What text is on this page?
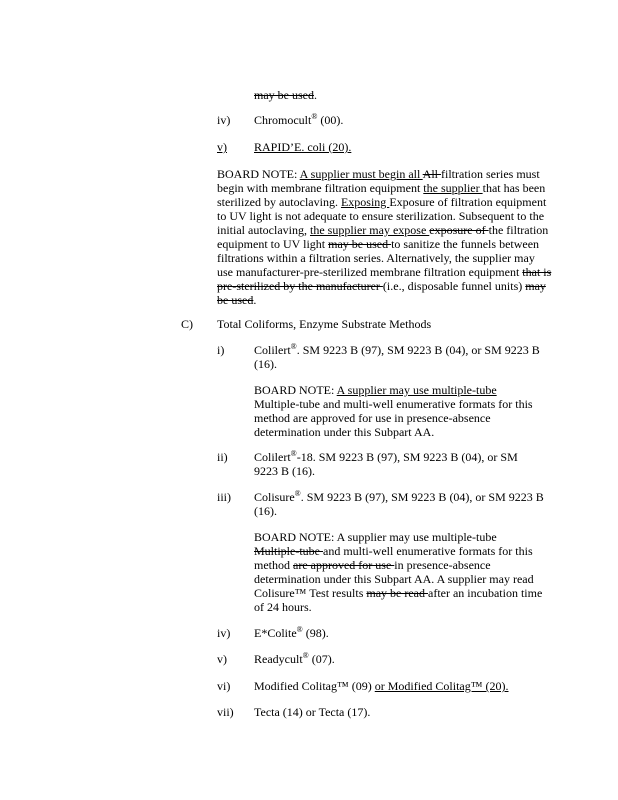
may be used.
iv) Chromocult® (00).
v) RAPID’E. coli (20).
BOARD NOTE: A supplier must begin all All filtration series must begin with membrane filtration equipment the supplier that has been sterilized by autoclaving. Exposing Exposure of filtration equipment to UV light is not adequate to ensure sterilization. Subsequent to the initial autoclaving, the supplier may expose exposure of the filtration equipment to UV light may be used to sanitize the funnels between filtrations within a filtration series. Alternatively, the supplier may use manufacturer-pre-sterilized membrane filtration equipment that is pre-sterilized by the manufacturer (i.e., disposable funnel units) may be used.
C) Total Coliforms, Enzyme Substrate Methods
i) Colilert®. SM 9223 B (97), SM 9223 B (04), or SM 9223 B (16).
BOARD NOTE: A supplier may use multiple-tube Multiple-tube and multi-well enumerative formats for this method are approved for use in presence-absence determination under this Subpart AA.
ii) Colilert®-18. SM 9223 B (97), SM 9223 B (04), or SM 9223 B (16).
iii) Colisure®. SM 9223 B (97), SM 9223 B (04), or SM 9223 B (16).
BOARD NOTE: A supplier may use multiple-tube Multiple-tube and multi-well enumerative formats for this method are approved for use in presence-absence determination under this Subpart AA. A supplier may read Colisure™ Test results may be read after an incubation time of 24 hours.
iv) E*Colite® (98).
v) Readycult® (07).
vi) Modified Colitag™ (09) or Modified Colitag™ (20).
vii) Tecta (14) or Tecta (17).
